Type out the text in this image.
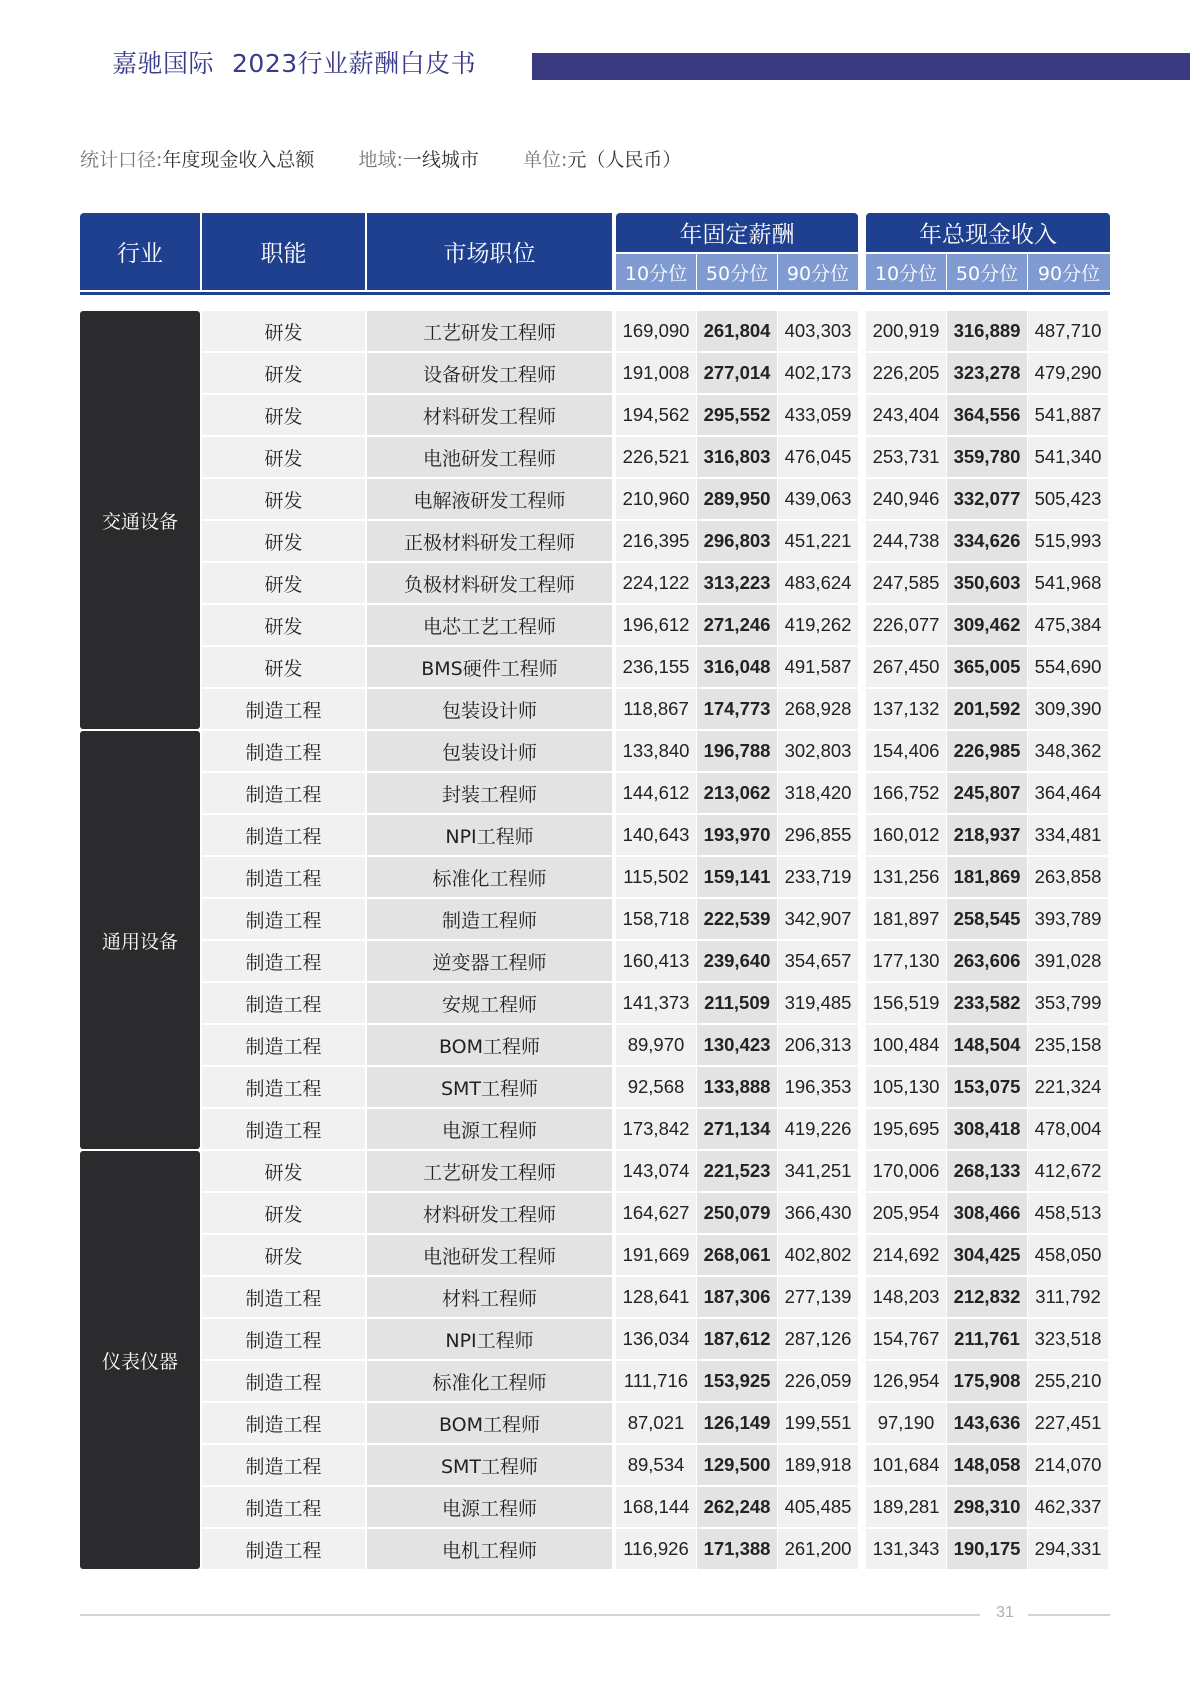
嘉驰国际 2023行业薪酬白皮书
统计口径:年度现金收入总额 地域:一线城市 单位:元（人民币）
行业	职能	市场职位
年固定薪酬
10分位 50分位 90分位
年总现金收入
10分位 50分位	90分位
交通设备
研发	工艺研发工程师	169,090 261,804 403,303	200,919 316,889 487,710
研发	设备研发工程师	191,008 277,014 402,173	226,205 323,278 479,290
研发	材料研发工程师	194,562 295,552 433,059	243,404 364,556 541,887
研发	电池研发工程师	226,521 316,803 476,045	253,731 359,780 541,340
研发	电解液研发工程师	210,960 289,950 439,063	240,946 332,077 505,423
研发	正极材料研发工程师	216,395 296,803 451,221	244,738 334,626 515,993
研发	负极材料研发工程师	224,122 313,223 483,624	247,585 350,603 541,968
研发	电芯工艺工程师	196,612 271,246 419,262	226,077 309,462 475,384
研发	BMS硬件工程师	236,155 316,048 491,587	267,450 365,005 554,690
制造工程	包装设计师	118,867 174,773 268,928	137,132 201,592 309,390
通用设备
制造工程	包装设计师	133,840 196,788 302,803	154,406 226,985 348,362
制造工程	封装工程师	144,612 213,062 318,420	166,752 245,807 364,464
制造工程	NPI工程师	140,643 193,970 296,855	160,012 218,937 334,481
制造工程	标准化工程师	115,502 159,141 233,719	131,256 181,869 263,858
制造工程	制造工程师	158,718 222,539 342,907	181,897 258,545 393,789
制造工程	逆变器工程师	160,413 239,640 354,657	177,130 263,606 391,028
制造工程	安规工程师	141,373 211,509 319,485	156,519 233,582 353,799
制造工程	BOM工程师	89,970	130,423 206,313	100,484 148,504 235,158
制造工程	SMT工程师	92,568	133,888 196,353	105,130 153,075 221,324
制造工程	电源工程师	173,842 271,134 419,226	195,695 308,418 478,004
仪表仪器
研发	工艺研发工程师	143,074 221,523 341,251	170,006 268,133 412,672
研发	材料研发工程师	164,627 250,079 366,430	205,954 308,466 458,513
研发	电池研发工程师	191,669 268,061 402,802	214,692 304,425 458,050
制造工程	材料工程师	128,641 187,306 277,139	148,203 212,832 311,792
制造工程	NPI工程师	136,034 187,612 287,126	154,767 211,761 323,518
制造工程	标准化工程师	111,716 153,925 226,059	126,954 175,908 255,210
制造工程	BOM工程师	87,021	126,149 199,551	97,190	143,636 227,451
制造工程	SMT工程师	89,534	129,500 189,918	101,684 148,058 214,070
制造工程	电源工程师	168,144 262,248 405,485	189,281 298,310 462,337
制造工程	电机工程师	116,926 171,388 261,200	131,343 190,175 294,331
31
